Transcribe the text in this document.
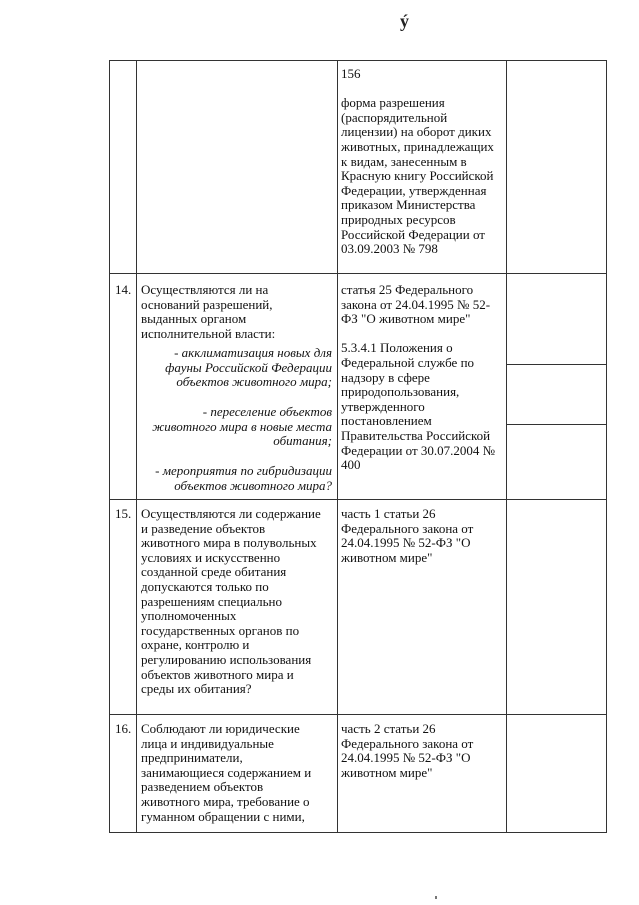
ý
156

форма разрешения
(распорядительной
лицензии) на оборот диких
животных, принадлежащих
к видам, занесенным в
Красную книгу Российской
Федерации, утвержденная
приказом Министерства
природных ресурсов
Российской Федерации от
03.09.2003 № 798
14. Осуществляются ли на
оснований разрешений,
выданных органом
исполнительной власти:
- акклиматизация новых для
фауны Российской Федерации
объектов животного мира;
- переселение объектов
животного мира в новые места
обитания;
- мероприятия по гибридизации
объектов животного мира?
статья 25 Федерального
закона от 24.04.1995 № 52-
ФЗ "О животном мире"

5.3.4.1 Положения о
Федеральной службе по
надзору в сфере
природопользования,
утвержденного
постановлением
Правительства Российской
Федерации от 30.07.2004 №
400
15. Осуществляются ли содержание
и разведение объектов
животного мира в полувольных
условиях и искусственно
созданной среде обитания
допускаются только по
разрешениям специально
уполномоченных
государственных органов по
охране, контролю и
регулированию использования
объектов животного мира и
среды их обитания?
часть 1 статьи 26
Федерального закона от
24.04.1995 № 52-ФЗ "О
животном мире"
16. Соблюдают ли юридические
лица и индивидуальные
предприниматели,
занимающиеся содержанием и
разведением объектов
животного мира, требование о
гуманном обращении с ними,
часть 2 статьи 26
Федерального закона от
24.04.1995 № 52-ФЗ "О
животном мире"
